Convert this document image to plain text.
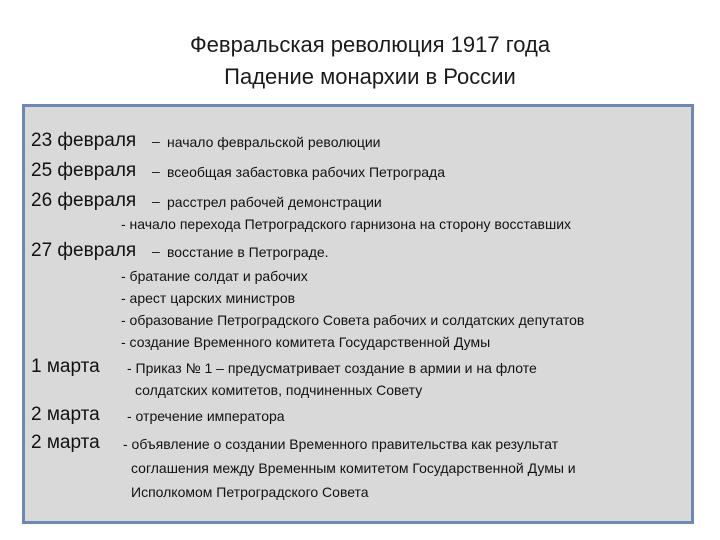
Февральская революция 1917 года
Падение монархии в России
23 февраля – начало февральской революции
25 февраля – всеобщая забастовка рабочих Петрограда
26 февраля – расстрел рабочей демонстрации
- начало перехода Петроградского гарнизона на сторону восставших
27 февраля – восстание в Петрограде.
- братание солдат и рабочих
- арест царских министров
- образование Петроградского Совета рабочих и солдатских депутатов
- создание Временного комитета Государственной Думы
1 марта - Приказ № 1 – предусматривает создание в армии и на флоте
солдатских комитетов, подчиненных Совету
2 марта - отречение императора
2 марта - объявление о создании Временного правительства как результат
соглашения между Временным комитетом Государственной Думы и
Исполкомом Петроградского Совета
